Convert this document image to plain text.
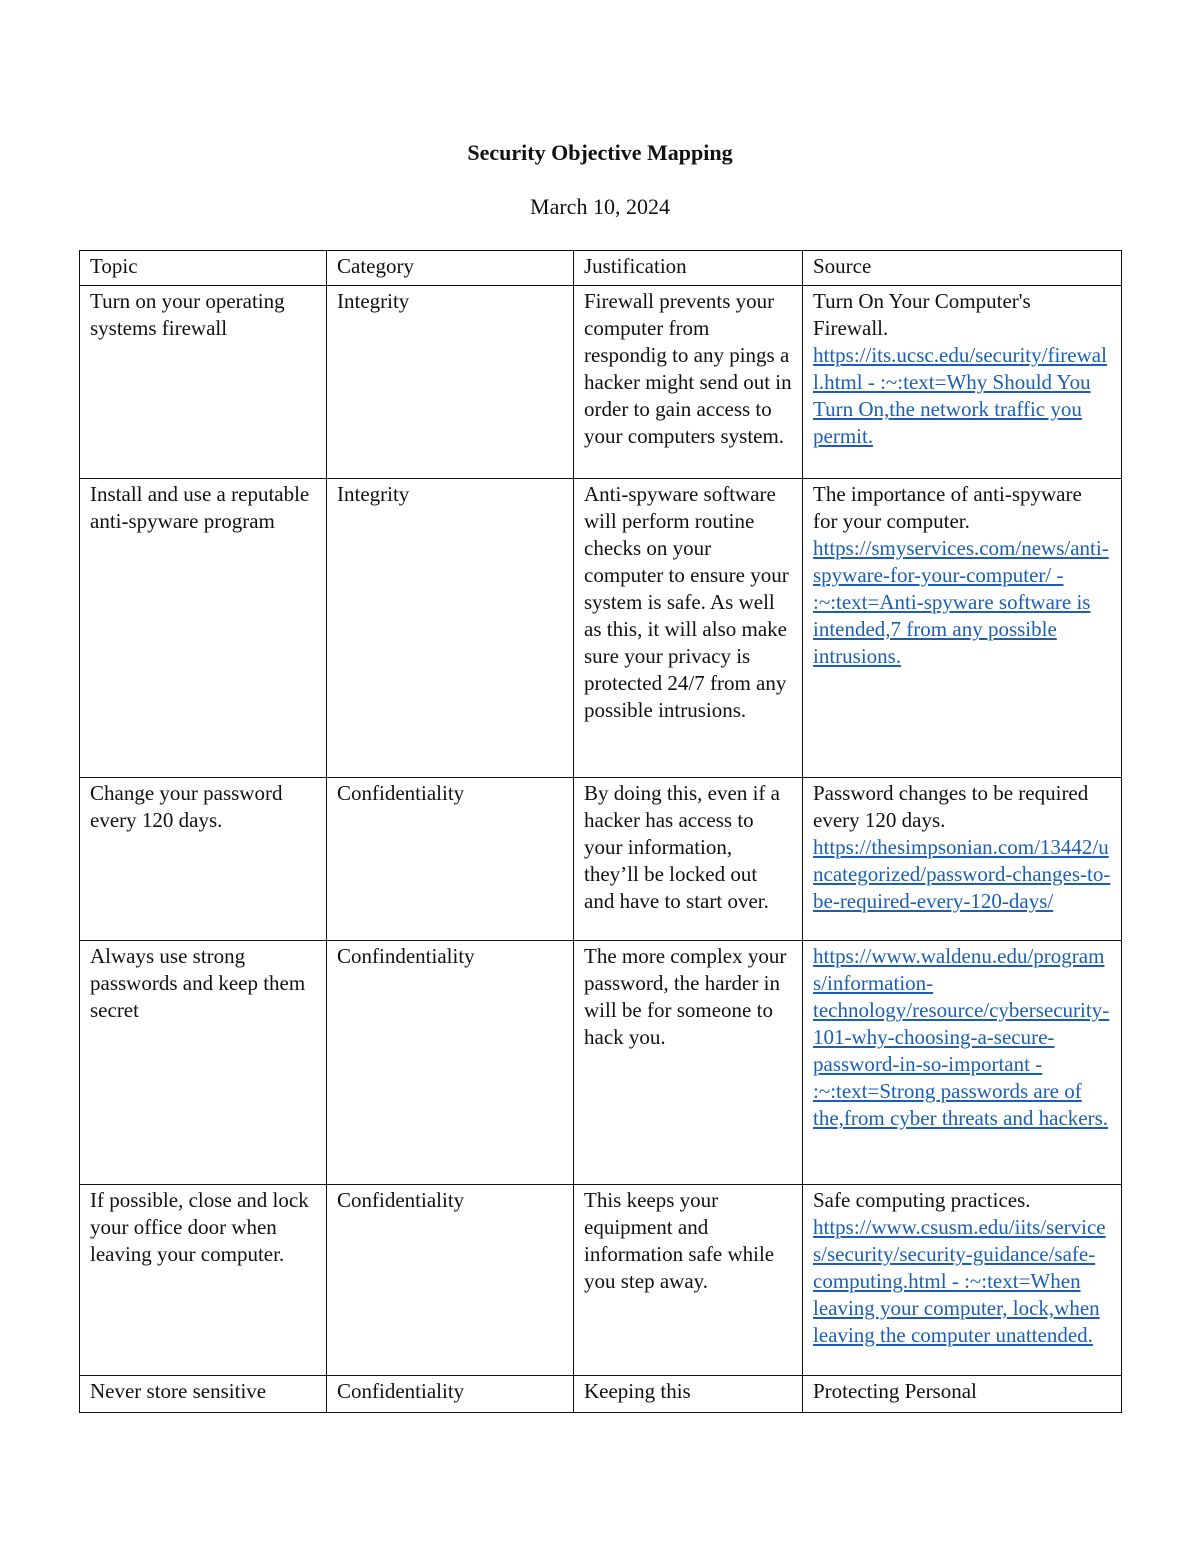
Security Objective Mapping
March 10, 2024
Topic	Category	Justification	Source
Turn on your operating systems firewall	Integrity	Firewall prevents your computer from respondig to any pings a hacker might send out in order to gain access to your computers system.	Turn On Your Computer's Firewall. https://its.ucsc.edu/security/firewall.html - :~:text=Why Should You Turn On,the network traffic you permit.
Install and use a reputable anti-spyware program	Integrity	Anti-spyware software will perform routine checks on your computer to ensure your system is safe. As well as this, it will also make sure your privacy is protected 24/7 from any possible intrusions.	The importance of anti-spyware for your computer. https://smyservices.com/news/anti-spyware-for-your-computer/ - :~:text=Anti-spyware software is intended,7 from any possible intrusions.
Change your password every 120 days.	Confidentiality	By doing this, even if a hacker has access to your information, they’ll be locked out and have to start over.	Password changes to be required every 120 days. https://thesimpsonian.com/13442/uncategorized/password-changes-to-be-required-every-120-days/
Always use strong passwords and keep them secret	Confindentiality	The more complex your password, the harder in will be for someone to hack you.	https://www.waldenu.edu/programs/information-technology/resource/cybersecurity-101-why-choosing-a-secure-password-in-so-important - :~:text=Strong passwords are of the,from cyber threats and hackers.
If possible, close and lock your office door when leaving your computer.	Confidentiality	This keeps your equipment and information safe while you step away.	Safe computing practices. https://www.csusm.edu/iits/services/security/security-guidance/safe-computing.html - :~:text=When leaving your computer, lock,when leaving the computer unattended.
Never store sensitive	Confidentiality	Keeping this	Protecting Personal
